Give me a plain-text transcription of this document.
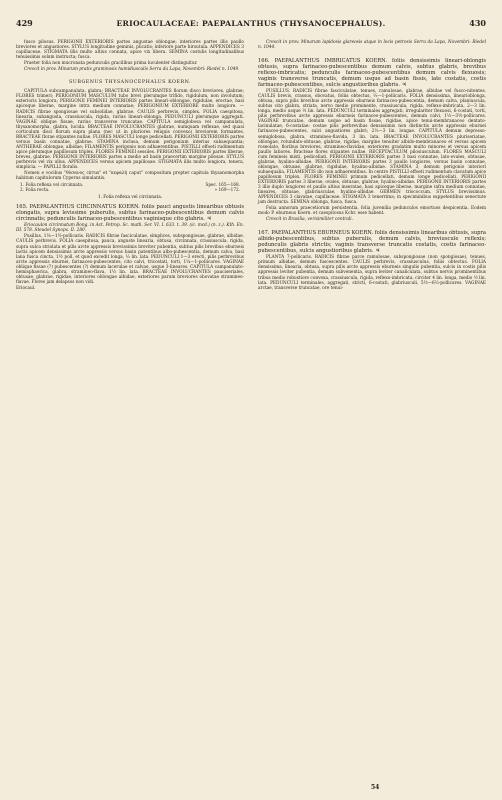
429	ERIOCAULACEAE: PAEPALANTHUS (THYSANOCEPHALUS).	430

fusco pilosus. PERIGONII EXTERIORIS partes angustae oblongae; interiores partes illis paullo breviores et angustiores. STYLUS longitudine geminis, plicatis; inferiore parte hirsutula. APPENDICES 3 capillaceae. STIGMATA illis multo altius connata, apice vix libera. SEMINA costulis longitudinalibus tenuissimis solum instructa; fusca.

Praeter folia non mucronata pedunculis gracilibus prima luculenter distinguitur.

Crescit in prov. Minarum pratis graminosis humidiusculis Serra da Lapa, Novembri: Riedel n. 1049.

SUBGENUS THYSANOCEPHALUS KOERN.

CAPITULA subcampanulata, glabra; BRACTEAE INVOLUCRANTES florum disco breviores, glabrae; FLORES trimeri; PERIGONIUM MASCULUM tubo brevi plerumque trifido, rigidulum, non involutum; exterioris longiora; PERIGONII FEMINEI INTERIORIS partes lineari-oblongae, rigidulae, erectae, basi apiceque liberae, margine intra medium connatae; PERIGONIUM EXTERIORE multo longiore. — RADICIS fibrae spongiosae vel subsolidae, glabrae. CAULIS perbrevis, simplex. FOLIA caespitosa, linearia, subangusta, crassiuscula, rigida, rarius lineari-oblonga. PEDUNCULI plerumque aggregati. VAGINAE oblique fissae, rarius transverse truncatae. CAPITULA semiglobosa vel campanulata, thysanomorpha, glabra, lucida. BRACTEAE INVOLUCRANTES glabrae, numquam reflexae, sed quasi corticulum disci florum supra plana (nec ut in pluriores reliquis convexo) breviorem formantes. BRACTEAE florae stipantes nullae. FLORES MASCULI longe pedicellati. PERIGONII EXTERIORIS partes versus basin connatae, glabrae. STAMINA inclusa, demum perigonium interius subaequantia; ANTHERAE oblongae, albidae; FILAMENTIS perigonio non adhaerentibus. PISTILLI effoeti rudimentum apice plerumque papillosum triplex. FLORES FEMINEI sessiles. PERIGONII EXTERIORIS partes liberae, breves, glabrae. PERIGONII INTERIORIS partes a medio ad basin praecertim margine pilosae. STYLUS perbrevis vel vix ullus. APPENDICES versus apicem papillosae. STIGMATA illis multo longiora, tenera, simplicia. — PAPILLI floralis.

Nomen e vocibus "θύσανος cirrus" et "κεφαλή caput" compositum propter capitula thysanomorpha habitum capitulorum Cyperus simulantis.

1. Folia reflexa vel circinnata.	Spec. 165—168.
2. Folia recta.	» 169—172.

1. Folia reflexa vel circinnata.

165. PAEPALANTHUS CIRCINNATUS KOERN. foliis pauci angustis linearibus obtusis elongatis, supra levissime puberulis, subtus farinaceo-pubescentibus demum calvis circinnatis; pedunculis farinaceo-pubescentibus vaginisque cito glabris. ♃

Eriocaulon circinnatum Bong. in Act. Petrop. Sc. math. Ser. VI. I. 633. t. 39. (ic. mcd.) (n. z.). Kth. En. III. 578. Steudel Synops. II. 280.

Pusillus, 1¼—1½-pollicaris. RADICIS fibrae fasciculatae, simplices, subspongiosae, glabrae, albidae. CAULIS perbrevis. FOLIA caespitosa, pauca, anguste linearia, obtusa, circinnata, crassiuscula, rigida, supra sulca striolata et pilis arcte appressis brevissimis breviter pubentia, subtus pilis brevibus eburneis lactis apicem densissimis arcte appressis versus basin patentibus albo-pubescentia, demum calva, basi lana fusca cincta, 1½ poll. et quod excedit longa, ⅓ lin. lata. PEDUNCULI 1—3 erecti, pilis perbrevibus arcte appressis eburnei, farinaceo-pubescentes, cito calvi, tricostati, torti, 1¼—1-pollicares. VAGINAE oblique fissae (?) pubescentes (?) demum lacerulae et calvae, usque 3-lineares. CAPITULA campanulato-hemisphaerica, glabra, stramineo-flava, 1½ lin. lata. BRACTEAE INVOLUCRANTES pauciseriales, obtusae, glabrae, rigidae, interiores oblongae albidae, exteriores parum breviores obovatae stramineo-flavae. Flores jam delapsos non vidi.

Eriocaul.

Crescit in prov. Minarum lapidosis glareosis atque in locis petrosis Serra da Lapa, Novembri: Riedel n. 1044.

166. PAEPALANTHUS IMBRICATUS KOERN. foliis densissimis lineari-oblongis obtusis, supra farinaceo-pubescentibus demum calvis, subtus glabris, brevibus reflexo-imbricatis; pedunculis farinaceo-pubescentibus demum calvis flexuosis; vaginis transverse truncatis, demum usque ad basin fissis, late costatis, costis farinaceo-pubescentibus, sulcis angustioribus glabris. ♃

PUSILLUS. RADICIS fibrae fasciculatae, tenues, ramulosae, glabrae, albidae vel fusco-nitentes. CAULIS brevis, crassus, obovatus, foliis obtectus, ⅔—1-pollicaris. FOLIA densissima, linearioblonga, obtusa, supra pilis brevibus arcte appressis eburneis farinaceo-pubescentia, demum calva, planiuscula, subtus cito glabra, striata, nervo medio prominente, crassiuscula, rigida, reflexo-imbricata, 2—3 lin. longa, medio usque ½ lin. lata. PEDUNCULI terminales aggregati, irregulariter flexuosi, 6-costati, torti, pilis perbrevibus arcte appressis eburneis farinaceo-pubescentes, demum calvi, 1½—3½-pollicares. VAGINAE truncatae, demum usque ad basin fissae, rigidae, apice tenui-membranaceo dentato-lacinulatae, 6-costatae: costae pilis perbrevibus densissimis non distinctis arcte appressis eburnei farinaceo-pubescentes, sulci angustiores glabri; 2⅓—3 lin. longae. CAPITULA demum depresso-semiglobosa, glabra, stramineo-flavida, 3 lin. lata. BRACTEAE INVOLUCRANTES pluriseriatae, oblongae, rotundato-obtusae, glabrae, rigidae, margine tenuiter albido-membranaceo et versus apicem roseolato, floribus breviores, stramineo-flavidae, exteriores gradatim multo minores et versus apicem paullo latiores. Bracteae flores stipantes nullae. RECEPTACULUM pilosiusculum. FLORES MASCULI cum femineis mixti, pedicellati. PERIGONII EXTERIORIS partes 3 basi connatae, lato-ovales, obtusae, glabrae, hyalino-albidae. PERIGONII INTERIORIS partes 3 paullo longiores, versus basin connatae, oblongae, obtusae, glabrae, rigidulae, hyalino-albidae. STAMINA 3, demum perigonio interiori subaequalia, FILAMENTIS illo non adhaerentibus. In centro PISTILLI effoeti rudimentum clavatum apice papillosum triplex. FLORES FEMINEI primum pedicellati, demum longe pedicellati. PERIGONII EXTERIORIS partes 3 liberae, ovales, obtusae, glabrae, hyalino-albidae. PERIGONII INTERIORIS partes 3 illis duplo longiores et paullo altius inseratae, basi apiceque liberae, margine infra medium connatae, lineares, obtusae, glabriusculae, hyalino-albidae. GERMEN triococcum. STYLUS brevissimus. APPENDICES 3 clavatae, capillaceae. STIGMATA 3 tenerrima; in speciminibus suppetentibus senectute jam destructa. SEMINA oblonga, fusca, fusca.

Folia annorum praecetiorum persistentia, folia juvenilia pedunculos emortuos despicentia. Eodem modo P. eburneus Koern. et caespitosus Kchr. esse habent.

Crescit in Brasilia, verisimiliter centrali.

167. PAEPALANTHUS EBURNEUS KOERN. foliis densissimis linearibus obtusis, supra albido-pubescentibus, subtus puberulis, demum calvis, breviuscule reflexis; pedunculis glabris strictis; vaginis transverse truncatis costatis, costis farinaceo-pubescentibus, sulcis angustioribus glabris. ♃

PLANTA 7-pollicaris. RADICIS fibrae parce ramulosae, subspongiosae (non spongiosae), tenues, primum albidae, demum fuscescentes. CAULIS perbrevis, crassiusculus, foliis obtectus. FOLIA densissima, linearia, obtusa, supra pilis arcte appressis eburneis singulis pubentia, sulcis in costis pilis appressis leviter pubentia, demum subvenentia, supra leviter canaliculata, subtus nervis prominentibus tribus medio robustiore convexa, crassiuscula, rigida, reflexo-imbricata, circiter 4 lin. longa, medio ½ lin. lata. PEDUNCULI terminales, aggregati, stricti, 6-costati, glabriusculi, 5½—6⅔-pollicares. VAGINAE arctae, transverse truncatae, ore tenui-

54
